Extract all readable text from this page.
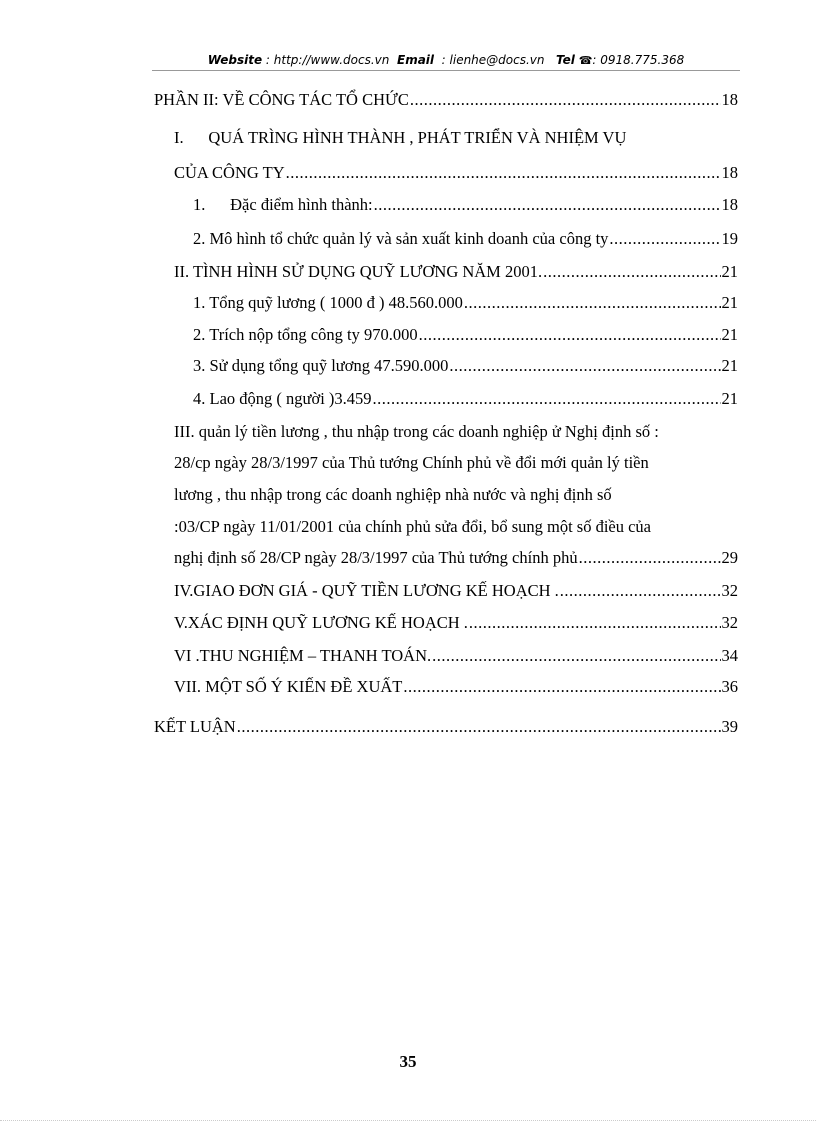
Website : http://www.docs.vn Email : lienhe@docs.vn Tel ☎: 0918.775.368
PHẦN II: VỀ CÔNG TÁC TỔ CHỨC .....	18
I.      QUÁ TRÌNG HÌNH THÀNH , PHÁT TRIỂN VÀ NHIỆM VỤ
CỦA CÔNG TY .....	18
1.      Đặc điểm hình thành: .....	18
2. Mô hình tổ chức quản lý và sản xuất kinh doanh của công ty .....	19
II. TÌNH HÌNH SỬ DỤNG QUỸ LƯƠNG NĂM 2001. .....	21
1. Tổng quỹ lương ( 1000 đ ) 48.560.000 .....	21
2. Trích nộp tổng công ty 970.000 .....	21
3. Sử dụng tổng quỹ lương 47.590.000 .....	21
4. Lao động ( người )3.459 .....	21
III. quản lý tiền lương , thu nhập trong các doanh nghiệp ử Nghị định số :
28/cp ngày 28/3/1997 của Thủ tướng Chính phủ về đổi mới quản lý tiền
lương , thu nhập trong các doanh nghiệp nhà nước và nghị định số
:03/CP ngày 11/01/2001 của chính phủ sửa đổi, bổ sung một số điều của
nghị định số 28/CP ngày 28/3/1997 của Thủ tướng chính phủ .....	29
IV.GIAO ĐƠN GIÁ - QUỸ TIỀN LƯƠNG KẾ HOẠCH . .....	32
V.XÁC ĐỊNH QUỸ LƯƠNG KẾ HOẠCH . .....	32
VI .THU NGHIỆM – THANH TOÁN. .....	34
VII. MỘT SỐ Ý KIẾN ĐỀ XUẤT .....	36
KẾT LUẬN .....	39
35
